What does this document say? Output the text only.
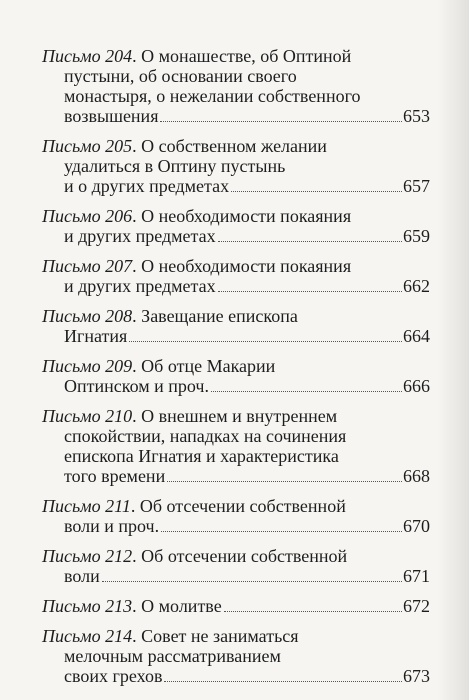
Письмо 204. О монашестве, об Оптиной
пустыни, об основании своего
монастыря, о нежелании собственного
возвышения	653
Письмо 205. О собственном желании
удалиться в Оптину пустынь
и о других предметах	657
Письмо 206. О необходимости покаяния
и других предметах	659
Письмо 207. О необходимости покаяния
и других предметах	662
Письмо 208. Завещание епископа
Игнатия	664
Письмо 209. Об отце Макарии
Оптинском и проч.	666
Письмо 210. О внешнем и внутреннем
спокойствии, нападках на сочинения
епископа Игнатия и характеристика
того времени	668
Письмо 211. Об отсечении собственной
воли и проч.	670
Письмо 212. Об отсечении собственной
воли	671
Письмо 213. О молитве	672
Письмо 214. Совет не заниматься
мелочным рассматриванием
своих грехов	673
